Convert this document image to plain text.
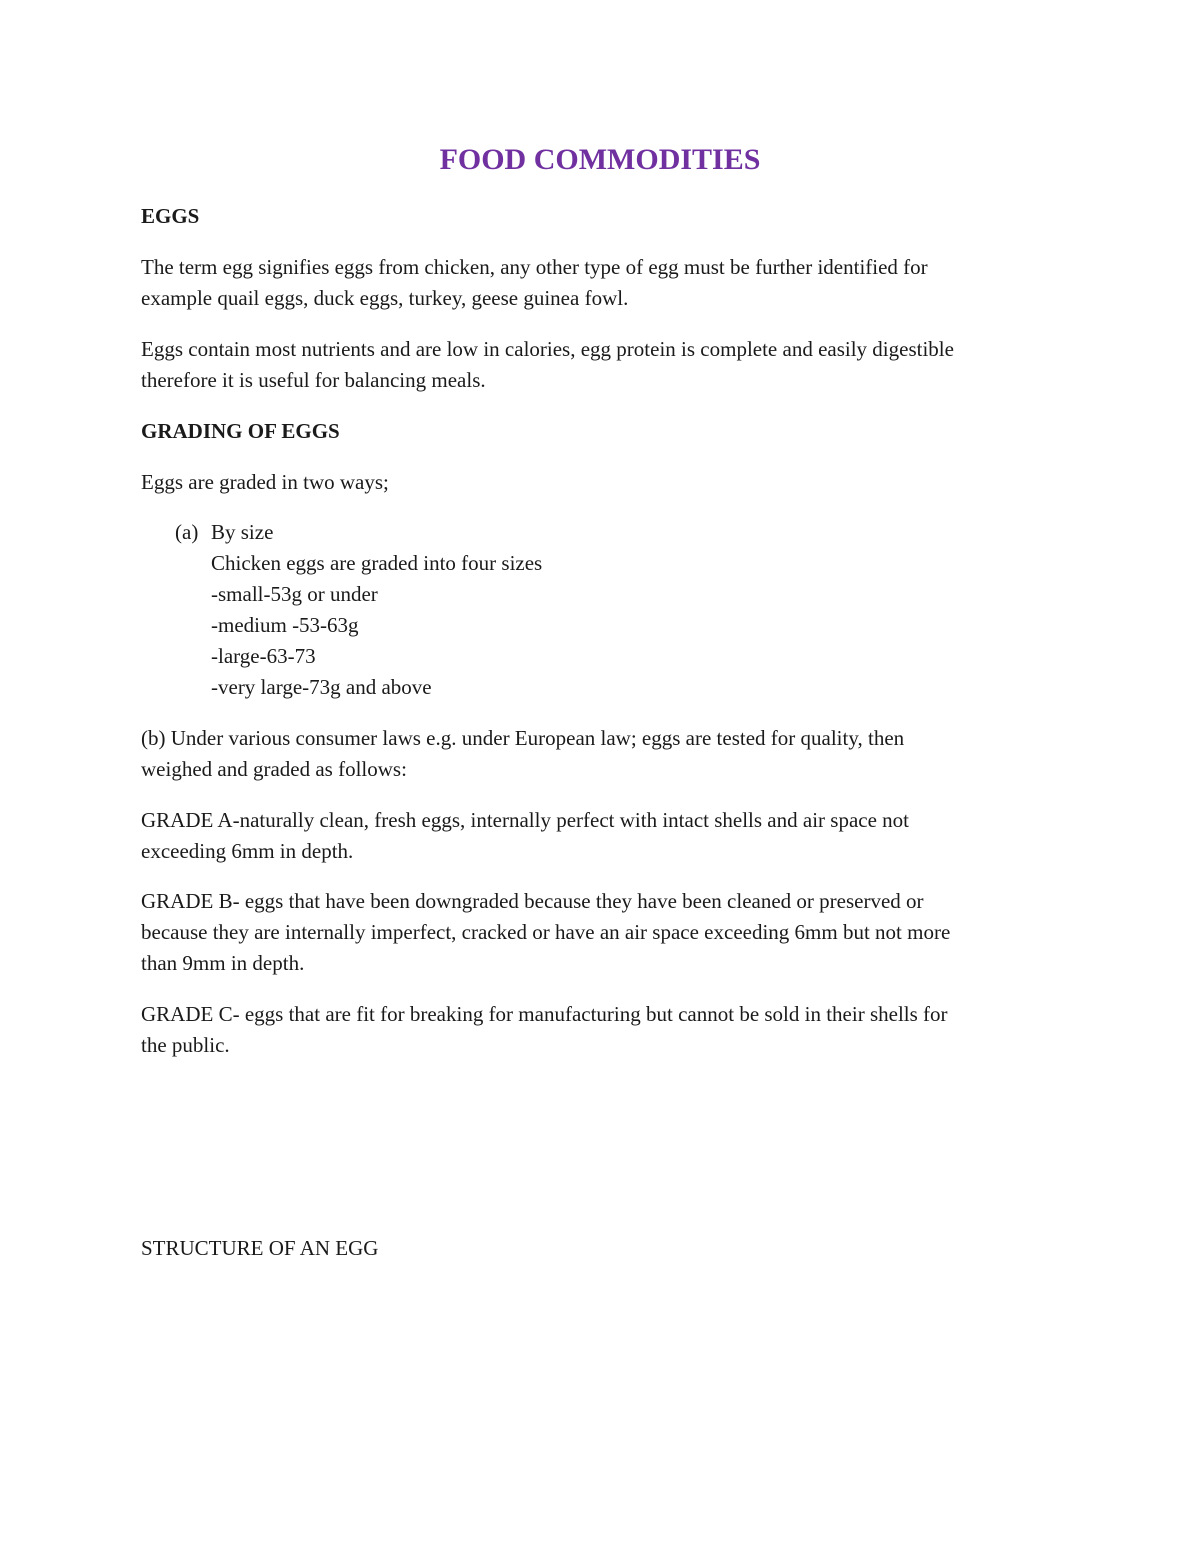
FOOD COMMODITIES

EGGS

The term egg signifies eggs from chicken, any other type of egg must be further identified for
example quail eggs, duck eggs, turkey, geese guinea fowl.

Eggs contain most nutrients and are low in calories, egg protein is complete and easily digestible
therefore it is useful for balancing meals.

GRADING OF EGGS

Eggs are graded in two ways;

(a) By size
Chicken eggs are graded into four sizes
-small-53g or under
-medium -53-63g
-large-63-73
-very large-73g and above

(b) Under various consumer laws e.g. under European law; eggs are tested for quality, then
weighed and graded as follows:

GRADE A-naturally clean, fresh eggs, internally perfect with intact shells and air space not
exceeding 6mm in depth.

GRADE B- eggs that have been downgraded because they have been cleaned or preserved or
because they are internally imperfect, cracked or have an air space exceeding 6mm but not more
than 9mm in depth.

GRADE C- eggs that are fit for breaking for manufacturing but cannot be sold in their shells for
the public.

STRUCTURE OF AN EGG
